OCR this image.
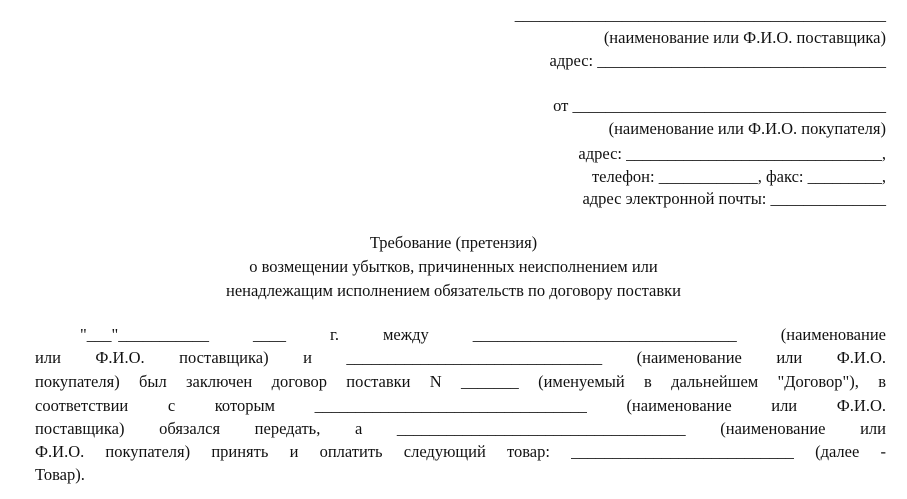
_____________________________________________
(наименование или Ф.И.О. поставщика)
адрес: ___________________________________
от ______________________________________
(наименование или Ф.И.О. покупателя)
адрес: _______________________________,
телефон: ____________, факс: _________,
адрес электронной почты: ______________
Требование (претензия)
о возмещении убытков, причиненных неисполнением или
ненадлежащим исполнением обязательств по договору поставки
"___"___________ ____ г. между ________________________________ (наименование
или Ф.И.О. поставщика) и _______________________________ (наименование или Ф.И.О.
покупателя) был заключен договор поставки N _______ (именуемый в дальнейшем "Договор"), в
соответствии с которым _________________________________ (наименование или Ф.И.О.
поставщика) обязался передать, а ___________________________________ (наименование или
Ф.И.О. покупателя) принять и оплатить следующий товар: ___________________________ (далее -
Товар).
